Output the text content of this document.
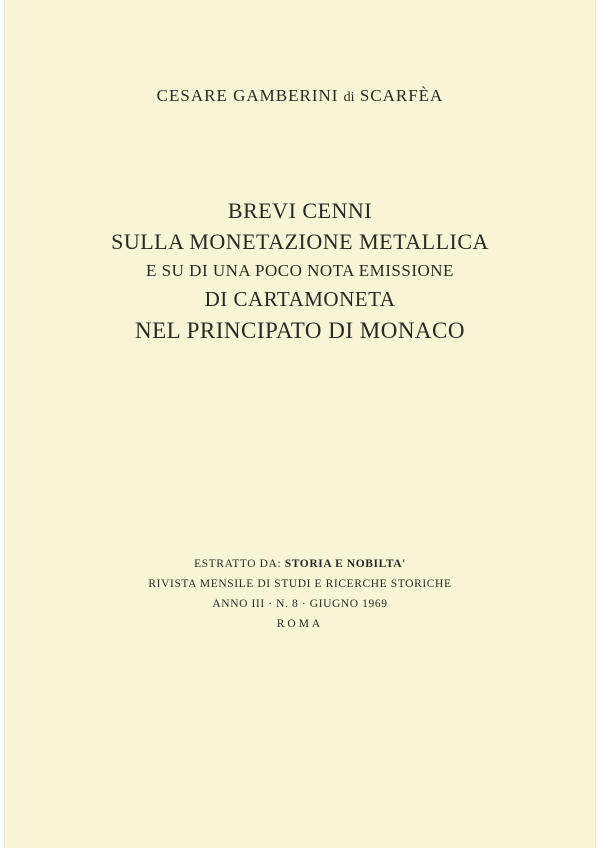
CESARE GAMBERINI di SCARFÈA
BREVI CENNI
SULLA MONETAZIONE METALLICA
E SU DI UNA POCO NOTA EMISSIONE
DI CARTAMONETA
NEL PRINCIPATO DI MONACO
ESTRATTO DA: STORIA E NOBILTA'
RIVISTA MENSILE DI STUDI E RICERCHE STORICHE
ANNO III · N. 8 · GIUGNO 1969
ROMA
